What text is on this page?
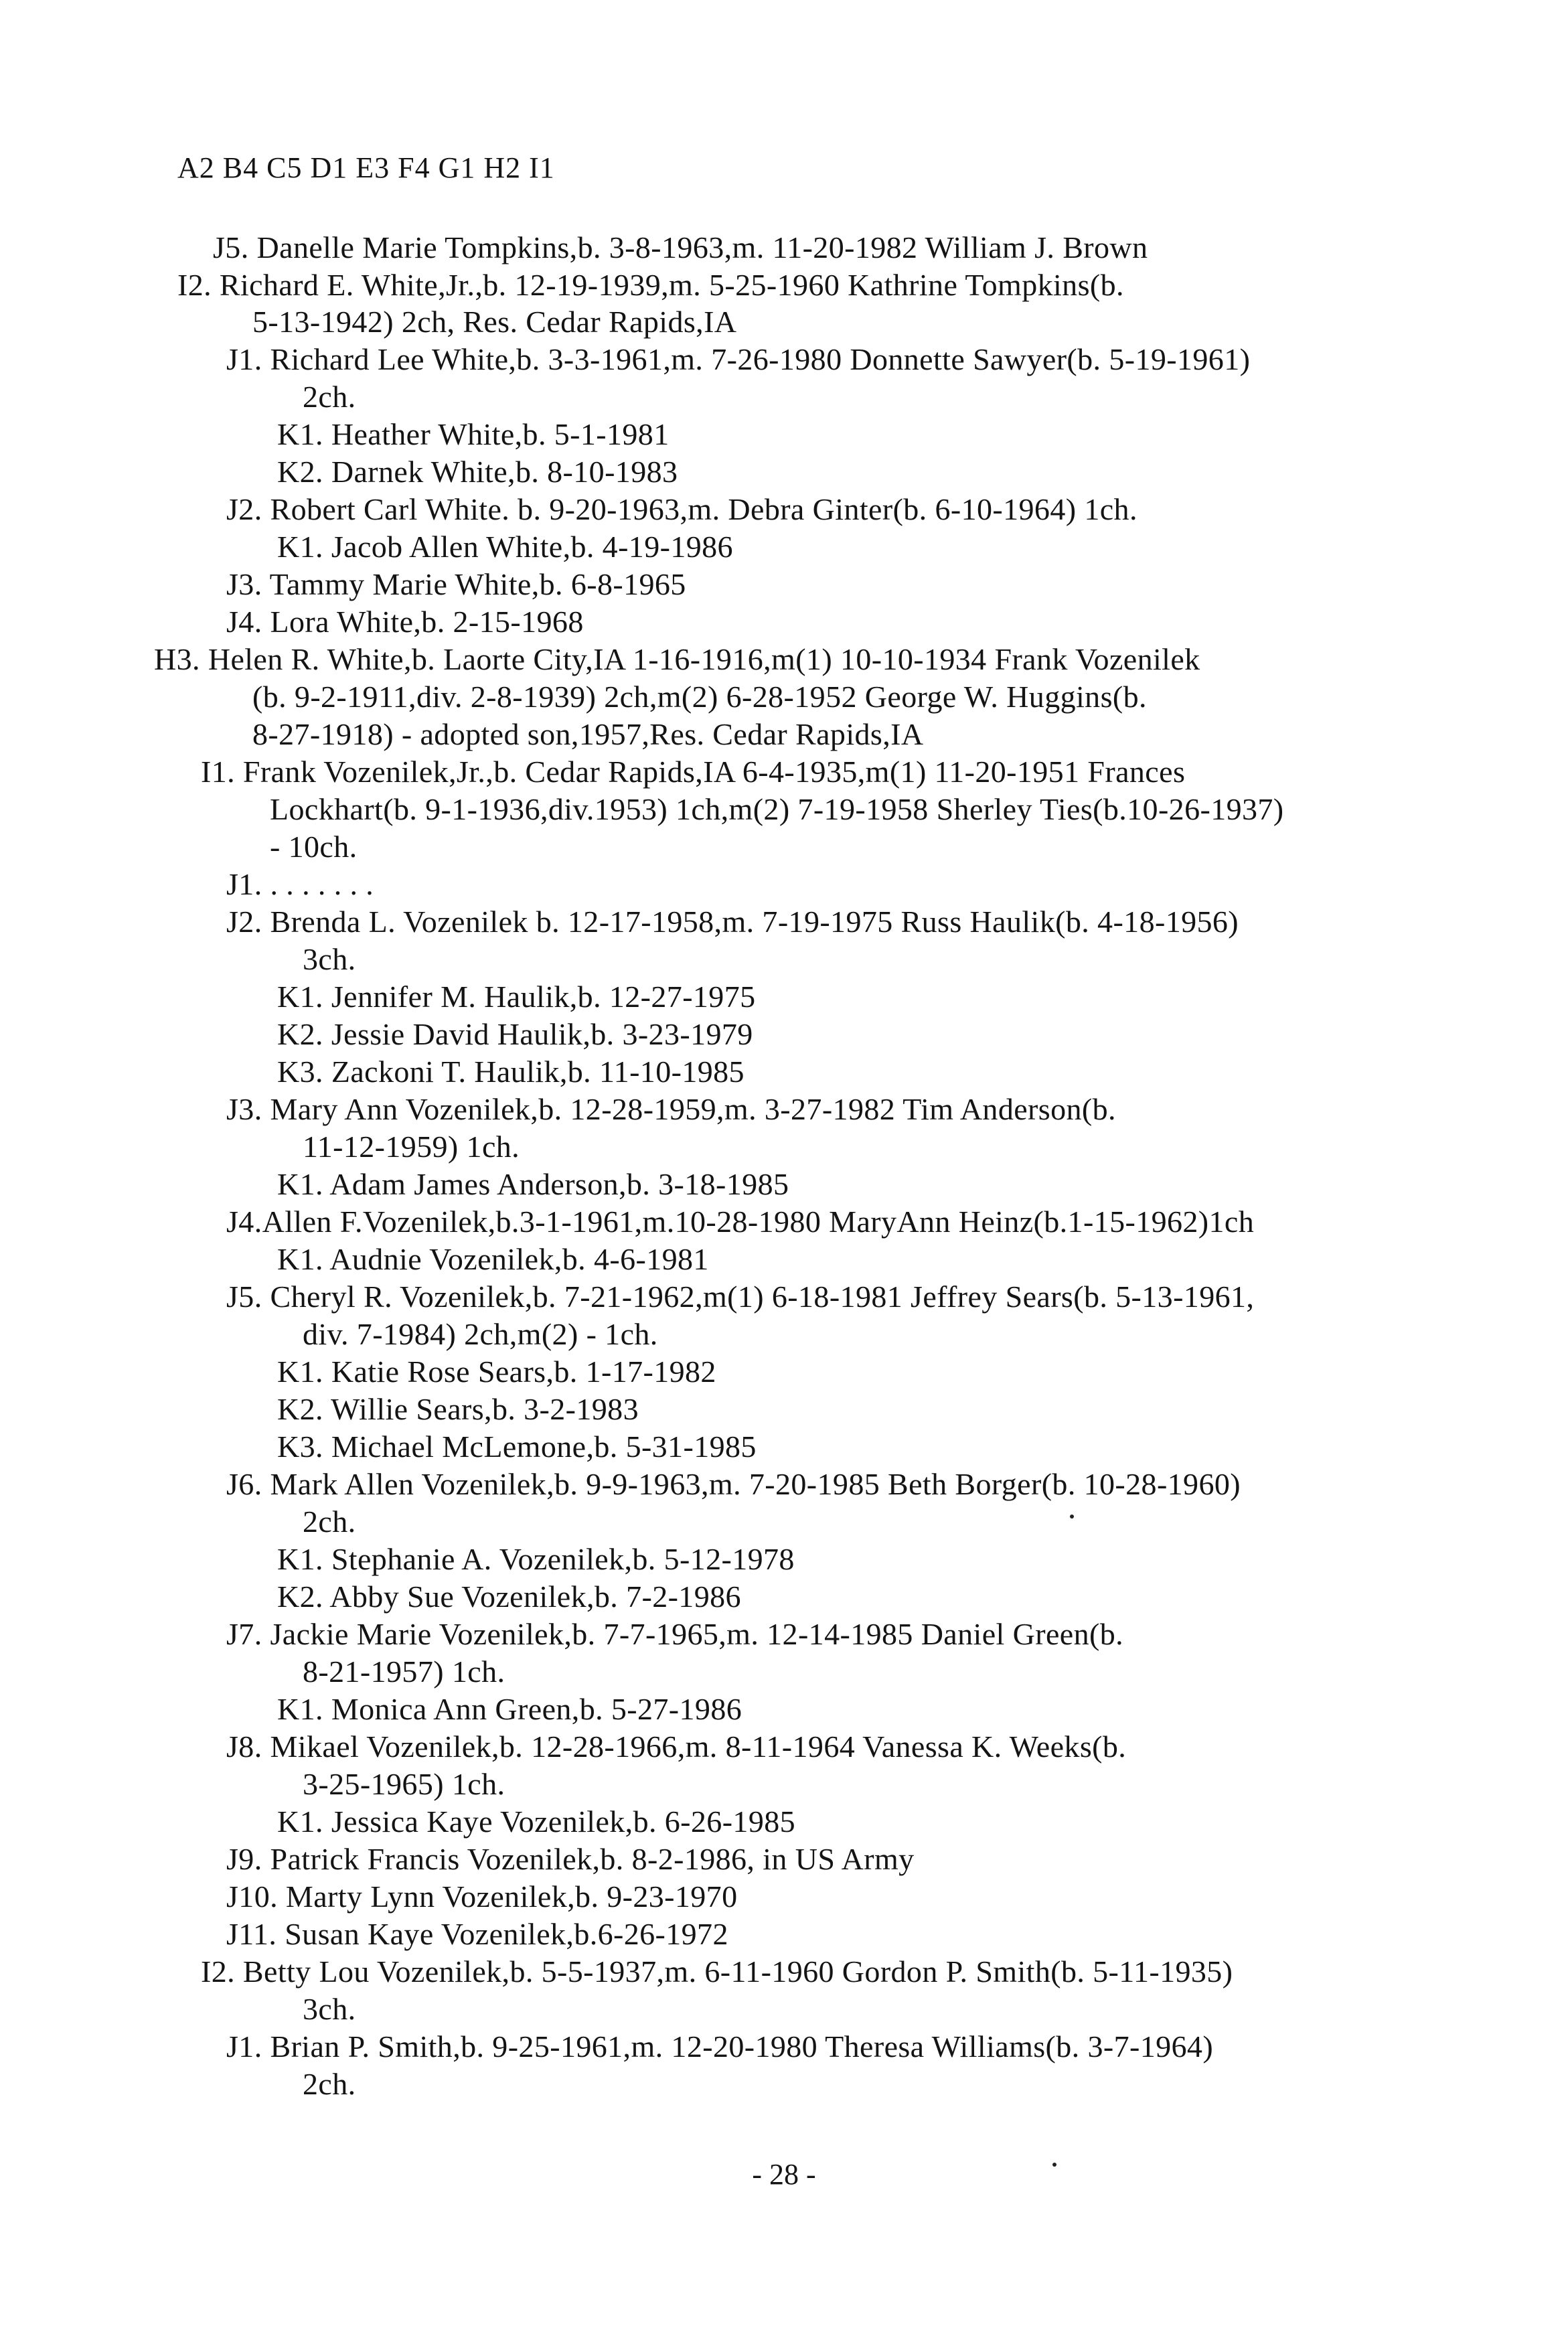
A2 B4 C5 D1 E3 F4 G1 H2 I1
J5. Danelle Marie Tompkins,b. 3-8-1963,m. 11-20-1982 William J. Brown
I2. Richard E. White,Jr.,b. 12-19-1939,m. 5-25-1960 Kathrine Tompkins(b.
5-13-1942) 2ch, Res. Cedar Rapids,IA
J1. Richard Lee White,b. 3-3-1961,m. 7-26-1980 Donnette Sawyer(b. 5-19-1961)
2ch.
K1. Heather White,b. 5-1-1981
K2. Darnek White,b. 8-10-1983
J2. Robert Carl White. b. 9-20-1963,m. Debra Ginter(b. 6-10-1964) 1ch.
K1. Jacob Allen White,b. 4-19-1986
J3. Tammy Marie White,b. 6-8-1965
J4. Lora White,b. 2-15-1968
H3. Helen R. White,b. Laorte City,IA 1-16-1916,m(1) 10-10-1934 Frank Vozenilek
(b. 9-2-1911,div. 2-8-1939) 2ch,m(2) 6-28-1952 George W. Huggins(b.
8-27-1918) - adopted son,1957,Res. Cedar Rapids,IA
I1. Frank Vozenilek,Jr.,b. Cedar Rapids,IA 6-4-1935,m(1) 11-20-1951 Frances
Lockhart(b. 9-1-1936,div.1953) 1ch,m(2) 7-19-1958 Sherley Ties(b.10-26-1937)
- 10ch.
J1. . . . . . . .
J2. Brenda L. Vozenilek b. 12-17-1958,m. 7-19-1975 Russ Haulik(b. 4-18-1956)
3ch.
K1. Jennifer M. Haulik,b. 12-27-1975
K2. Jessie David Haulik,b. 3-23-1979
K3. Zackoni T. Haulik,b. 11-10-1985
J3. Mary Ann Vozenilek,b. 12-28-1959,m. 3-27-1982 Tim Anderson(b.
11-12-1959) 1ch.
K1. Adam James Anderson,b. 3-18-1985
J4.Allen F.Vozenilek,b.3-1-1961,m.10-28-1980 MaryAnn Heinz(b.1-15-1962)1ch
K1. Audnie Vozenilek,b. 4-6-1981
J5. Cheryl R. Vozenilek,b. 7-21-1962,m(1) 6-18-1981 Jeffrey Sears(b. 5-13-1961,
div. 7-1984) 2ch,m(2) - 1ch.
K1. Katie Rose Sears,b. 1-17-1982
K2. Willie Sears,b. 3-2-1983
K3. Michael McLemone,b. 5-31-1985
J6. Mark Allen Vozenilek,b. 9-9-1963,m. 7-20-1985 Beth Borger(b. 10-28-1960)
2ch.
K1. Stephanie A. Vozenilek,b. 5-12-1978
K2. Abby Sue Vozenilek,b. 7-2-1986
J7. Jackie Marie Vozenilek,b. 7-7-1965,m. 12-14-1985 Daniel Green(b.
8-21-1957) 1ch.
K1. Monica Ann Green,b. 5-27-1986
J8. Mikael Vozenilek,b. 12-28-1966,m. 8-11-1964 Vanessa K. Weeks(b.
3-25-1965) 1ch.
K1. Jessica Kaye Vozenilek,b. 6-26-1985
J9. Patrick Francis Vozenilek,b. 8-2-1986, in US Army
J10. Marty Lynn Vozenilek,b. 9-23-1970
J11. Susan Kaye Vozenilek,b.6-26-1972
I2. Betty Lou Vozenilek,b. 5-5-1937,m. 6-11-1960 Gordon P. Smith(b. 5-11-1935)
3ch.
J1. Brian P. Smith,b. 9-25-1961,m. 12-20-1980 Theresa Williams(b. 3-7-1964)
2ch.
- 28 -
